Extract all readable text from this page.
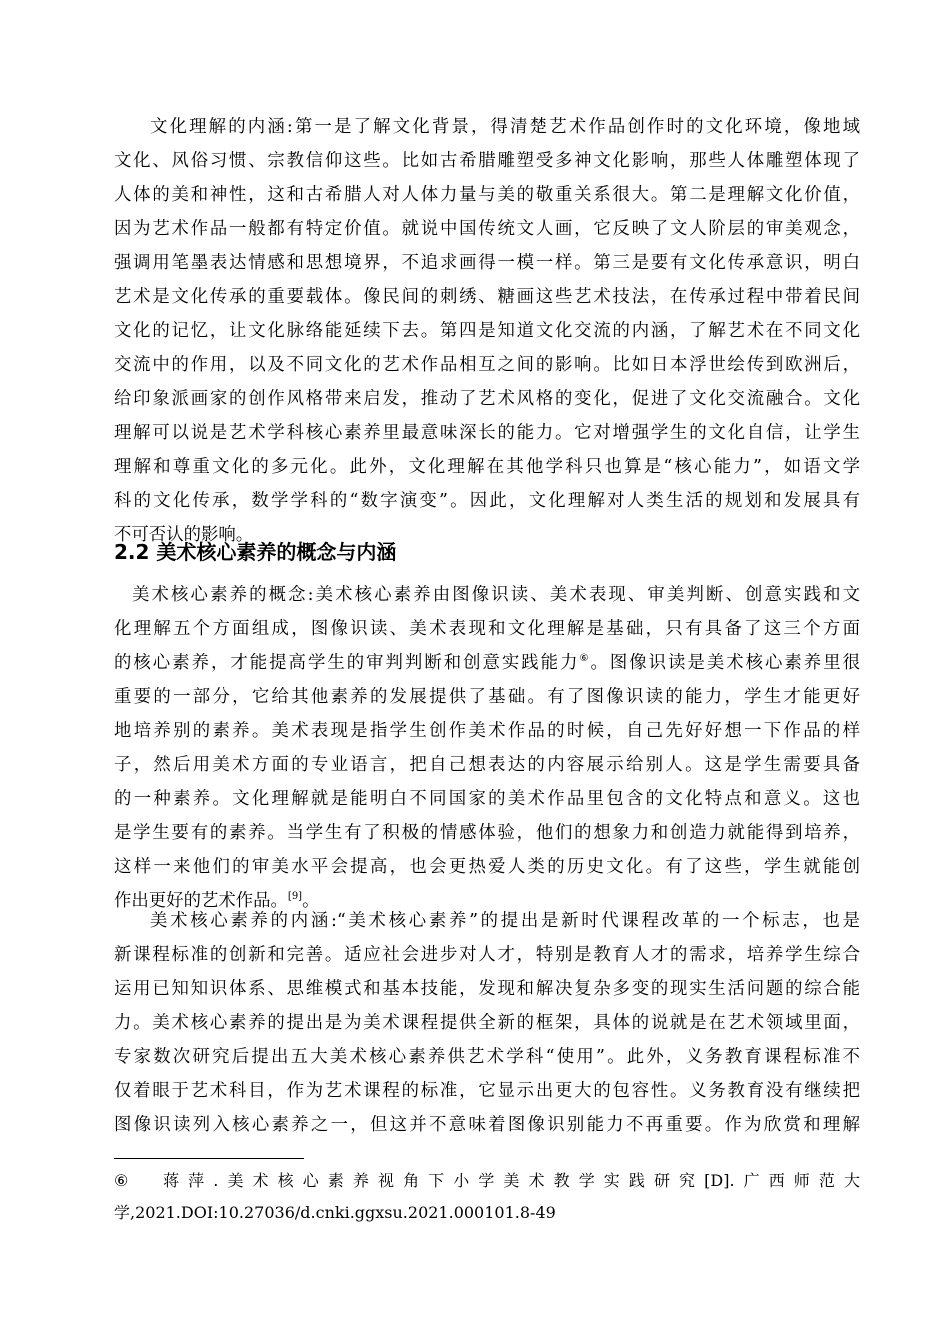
文化理解的内涵:第一是了解文化背景，得清楚艺术作品创作时的文化环境，像地域
文化、风俗习惯、宗教信仰这些。比如古希腊雕塑受多神文化影响，那些人体雕塑体现了
人体的美和神性，这和古希腊人对人体力量与美的敬重关系很大。第二是理解文化价值，
因为艺术作品一般都有特定价值。就说中国传统文人画，它反映了文人阶层的审美观念，
强调用笔墨表达情感和思想境界，不追求画得一模一样。第三是要有文化传承意识，明白
艺术是文化传承的重要载体。像民间的刺绣、糖画这些艺术技法，在传承过程中带着民间
文化的记忆，让文化脉络能延续下去。第四是知道文化交流的内涵，了解艺术在不同文化
交流中的作用，以及不同文化的艺术作品相互之间的影响。比如日本浮世绘传到欧洲后，
给印象派画家的创作风格带来启发，推动了艺术风格的变化，促进了文化交流融合。文化
理解可以说是艺术学科核心素养里最意味深长的能力。它对增强学生的文化自信，让学生
理解和尊重文化的多元化。此外，文化理解在其他学科只也算是“核心能力”，如语文学
科的文化传承，数学学科的“数字演变”。因此，文化理解对人类生活的规划和发展具有
不可否认的影响。
2.2 美术核心素养的概念与内涵
美术核心素养的概念:美术核心素养由图像识读、美术表现、审美判断、创意实践和文
化理解五个方面组成，图像识读、美术表现和文化理解是基础，只有具备了这三个方面
的核心素养，才能提高学生的审判判断和创意实践能力⑥。图像识读是美术核心素养里很
重要的一部分，它给其他素养的发展提供了基础。有了图像识读的能力，学生才能更好
地培养别的素养。美术表现是指学生创作美术作品的时候，自己先好好想一下作品的样
子，然后用美术方面的专业语言，把自己想表达的内容展示给别人。这是学生需要具备
的一种素养。文化理解就是能明白不同国家的美术作品里包含的文化特点和意义。这也
是学生要有的素养。当学生有了积极的情感体验，他们的想象力和创造力就能得到培养，
这样一来他们的审美水平会提高，也会更热爱人类的历史文化。有了这些，学生就能创
作出更好的艺术作品。[9]。
美术核心素养的内涵:“美术核心素养”的提出是新时代课程改革的一个标志，也是
新课程标准的创新和完善。适应社会进步对人才，特别是教育人才的需求，培养学生综合
运用已知知识体系、思维模式和基本技能，发现和解决复杂多变的现实生活问题的综合能
力。美术核心素养的提出是为美术课程提供全新的框架，具体的说就是在艺术领域里面，
专家数次研究后提出五大美术核心素养供艺术学科“使用”。此外，义务教育课程标准不
仅着眼于艺术科目，作为艺术课程的标准，它显示出更大的包容性。义务教育没有继续把
图像识读列入核心素养之一，但这并不意味着图像识别能力不再重要。作为欣赏和理解
⑥ 蒋萍.美术核心素养视角下小学美术教学实践研究[D].广西师范大
学,2021.DOI:10.27036/d.cnki.ggxsu.2021.000101.8-49
